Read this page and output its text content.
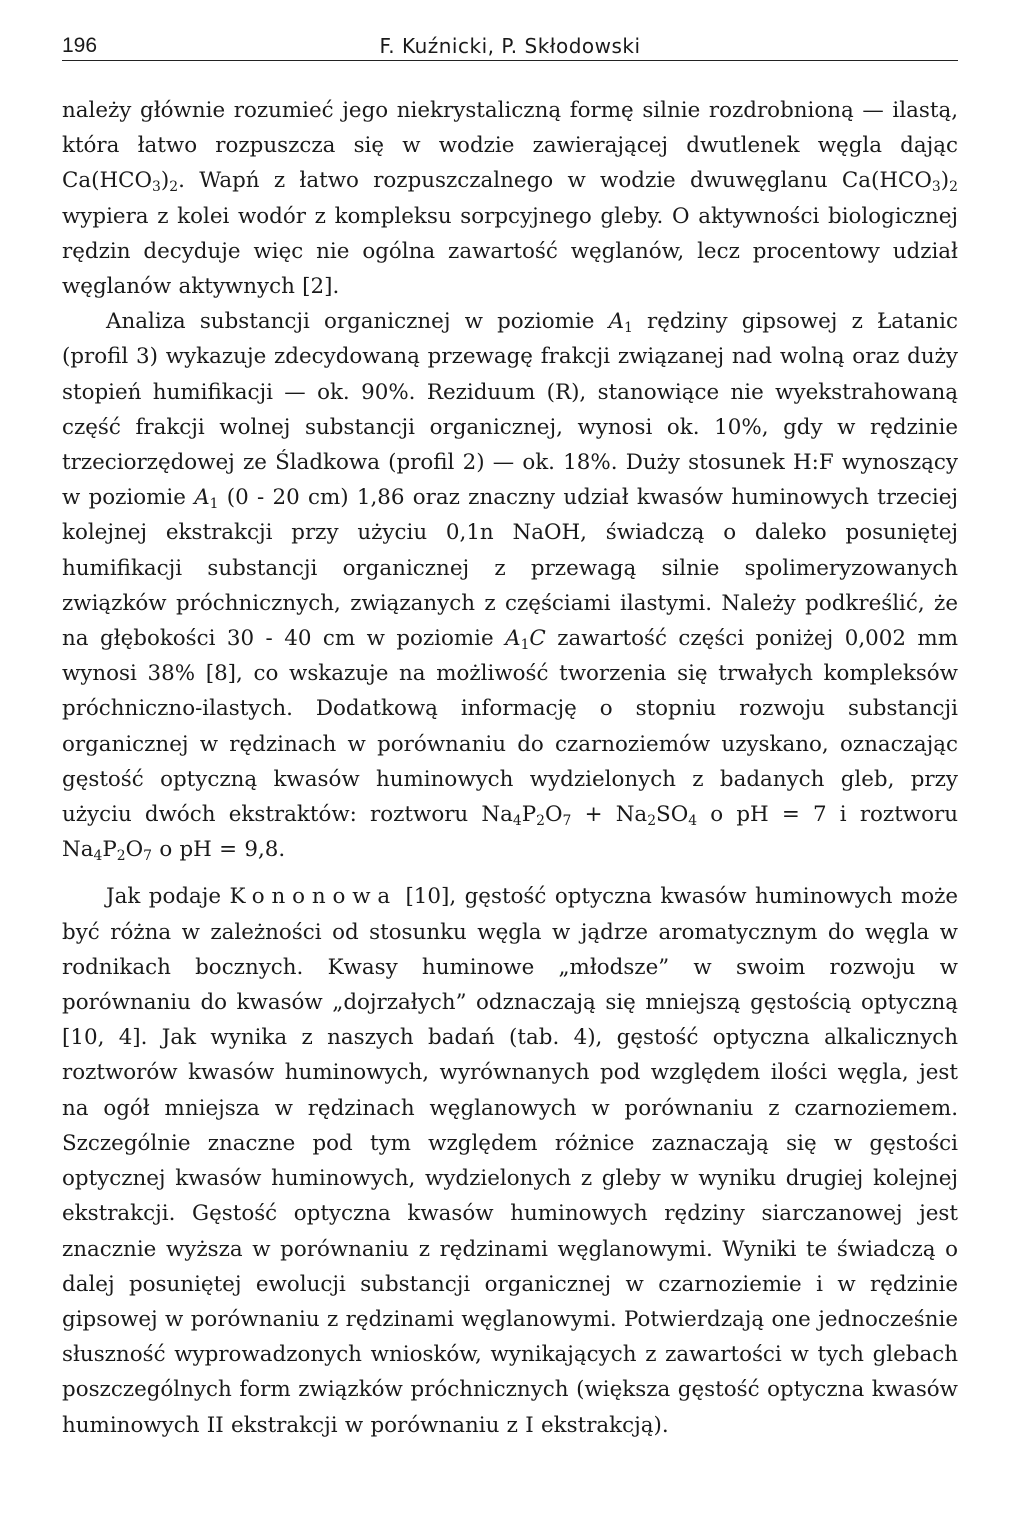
196	F. Kuźnicki, P. Skłodowski

należy głównie rozumieć jego niekrystaliczną formę silnie rozdrobnioną — ilastą, która łatwo rozpuszcza się w wodzie zawierającej dwutlenek węgla dając $Ca(HCO_3)_2$. Wapń z łatwo rozpuszczalnego w wodzie dwuwęglanu $Ca(HCO_3)_2$ wypiera z kolei wodór z kompleksu sorpcyjnego gleby. O aktywności biologicznej rędzin decyduje więc nie ogólna zawartość węglanów, lecz procentowy udział węglanów aktywnych [2].

Analiza substancji organicznej w poziomie $A_1$ rędziny gipsowej z Łatanic (profil 3) wykazuje zdecydowaną przewagę frakcji związanej nad wolną oraz duży stopień humifikacji — ok. 90%. Reziduum (R), stanowiące nie wyekstrahowaną część frakcji wolnej substancji organicznej, wynosi ok. 10%, gdy w rędzinie trzeciorzędowej ze Śladkowa (profil 2) — ok. 18%. Duży stosunek H:F wynoszący w poziomie $A_1$ (0 - 20 cm) 1,86 oraz znaczny udział kwasów huminowych trzeciej kolejnej ekstrakcji przy użyciu 0,1n NaOH, świadczą o daleko posuniętej humifikacji substancji organicznej z przewagą silnie spolimeryzowanych związków próchnicznych, związanych z częściami ilastymi. Należy podkreślić, że na głębokości 30 - 40 cm w poziomie $A_1C$ zawartość części poniżej 0,002 mm wynosi 38% [8], co wskazuje na możliwość tworzenia się trwałych kompleksów próchniczno-ilastych. Dodatkową informację o stopniu rozwoju substancji organicznej w rędzinach w porównaniu do czarnoziemów uzyskano, oznaczając gęstość optyczną kwasów huminowych wydzielonych z badanych gleb, przy użyciu dwóch ekstraktów: roztworu $Na_4P_2O_7 + Na_2SO_4$ o pH = 7 i roztworu $Na_4P_2O_7$ o pH = 9,8.

Jak podaje Kononowa [10], gęstość optyczna kwasów huminowych może być różna w zależności od stosunku węgla w jądrze aromatycznym do węgla w rodnikach bocznych. Kwasy huminowe „młodsze” w swoim rozwoju w porównaniu do kwasów „dojrzałych” odznaczają się mniejszą gęstością optyczną [10, 4]. Jak wynika z naszych badań (tab. 4), gęstość optyczna alkalicznych roztworów kwasów huminowych, wyrównanych pod względem ilości węgla, jest na ogół mniejsza w rędzinach węglanowych w porównaniu z czarnoziemem. Szczególnie znaczne pod tym względem różnice zaznaczają się w gęstości optycznej kwasów huminowych, wydzielonych z gleby w wyniku drugiej kolejnej ekstrakcji. Gęstość optyczna kwasów huminowych rędziny siarczanowej jest znacznie wyższa w porównaniu z rędzinami węglanowymi. Wyniki te świadczą o dalej posuniętej ewolucji substancji organicznej w czarnoziemie i w rędzinie gipsowej w porównaniu z rędzinami węglanowymi. Potwierdzają one jednocześnie słuszność wyprowadzonych wniosków, wynikających z zawartości w tych glebach poszczególnych form związków próchnicznych (większa gęstość optyczna kwasów huminowych II ekstrakcji w porównaniu z I ekstrakcją).
